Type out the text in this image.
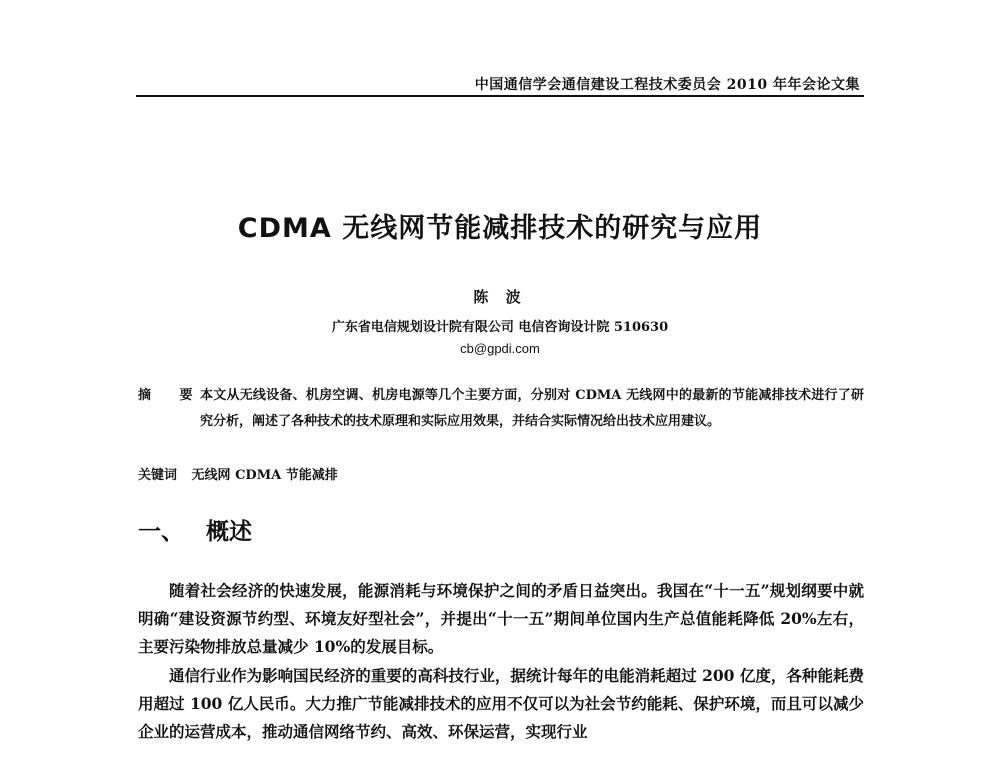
中国通信学会通信建设工程技术委员会 2010 年年会论文集
CDMA 无线网节能减排技术的研究与应用
陈 波
广东省电信规划设计院有限公司 电信咨询设计院 510630
cb@gpdi.com
摘 要
本文从无线设备、机房空调、机房电源等几个主要方面，分别对 CDMA 无线网中的最新的节能减排技术进行了研究分析，阐述了各种技术的技术原理和实际应用效果，并结合实际情况给出技术应用建议。
关键词 无线网 CDMA 节能减排
一、 概述
随着社会经济的快速发展，能源消耗与环境保护之间的矛盾日益突出。我国在“十一五”规划纲要中就明确“建设资源节约型、环境友好型社会”，并提出“十一五”期间单位国内生产总值能耗降低 20%左右，主要污染物排放总量减少 10%的发展目标。
通信行业作为影响国民经济的重要的高科技行业，据统计每年的电能消耗超过 200 亿度，各种能耗费用超过 100 亿人民币。大力推广节能减排技术的应用不仅可以为社会节约能耗、保护环境，而且可以减少企业的运营成本，推动通信网络节约、高效、环保运营，实现行业
